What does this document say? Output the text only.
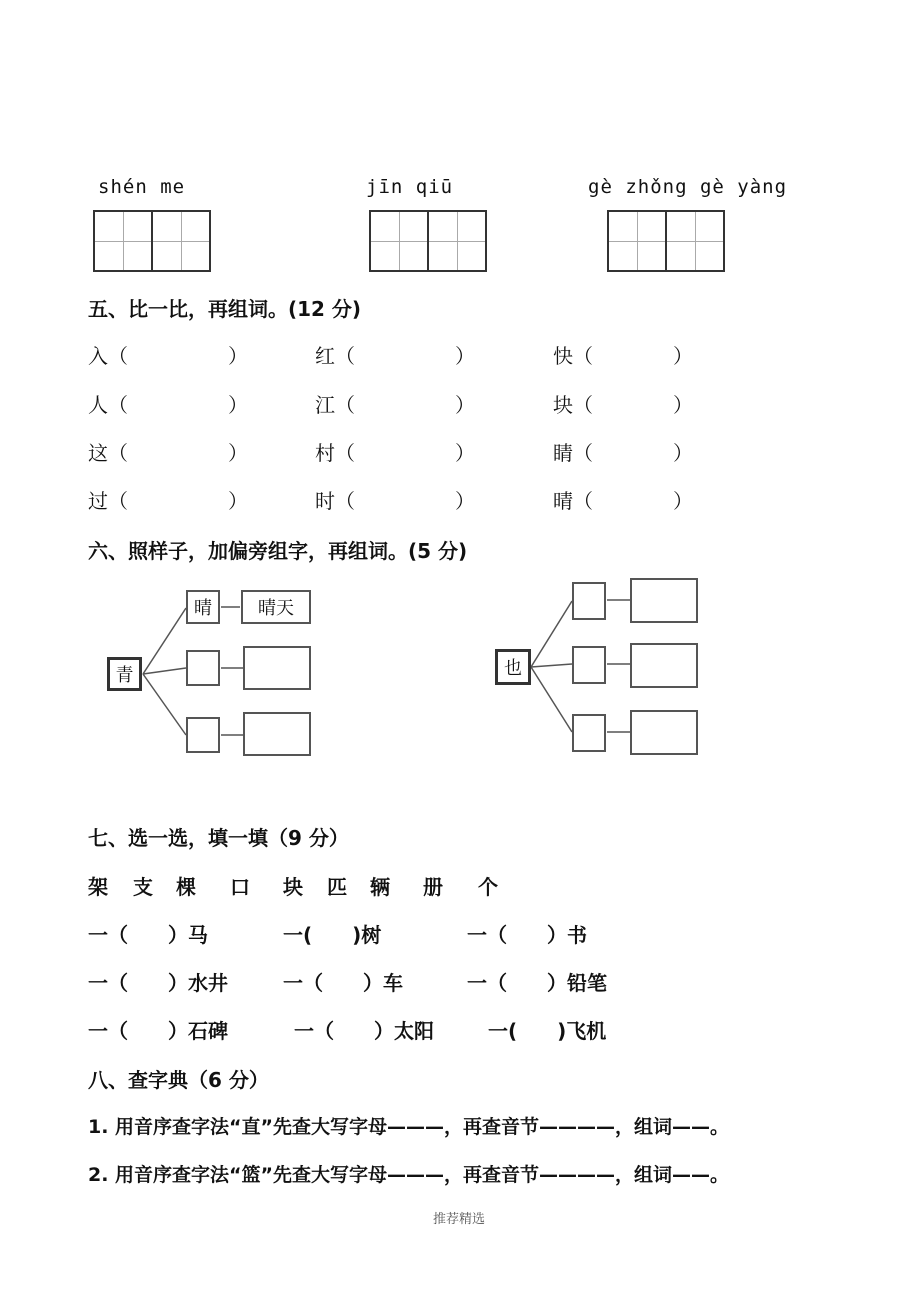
shén me	jīn qiū	gè zhǒng gè yàng
五、比一比，再组词。(12 分)
入（　　　　　）	红（　　　　　）	快（　　　　）
人（　　　　　）	江（　　　　　）	块（　　　　）
这（　　　　　）	村（　　　　　）	睛（　　　　）
过（　　　　　）	时（　　　　　）	晴（　　　　）
六、照样子，加偏旁组字，再组词。(5 分)
青
晴	晴天
也
七、选一选，填一填（9 分）
架 支 棵 口 块 匹 辆 册 个
一（　　）马	一(　　)树	一（　　）书
一（　　）水井	一（　　）车	一（　　）铅笔
一（　　）石碑	一（　　）太阳	一(　　)飞机
八、查字典（6 分）
1. 用音序查字法“直”先查大写字母———，再查音节————，组词——。
2. 用音序查字法“篮”先查大写字母———，再查音节————，组词——。
推荐精选
